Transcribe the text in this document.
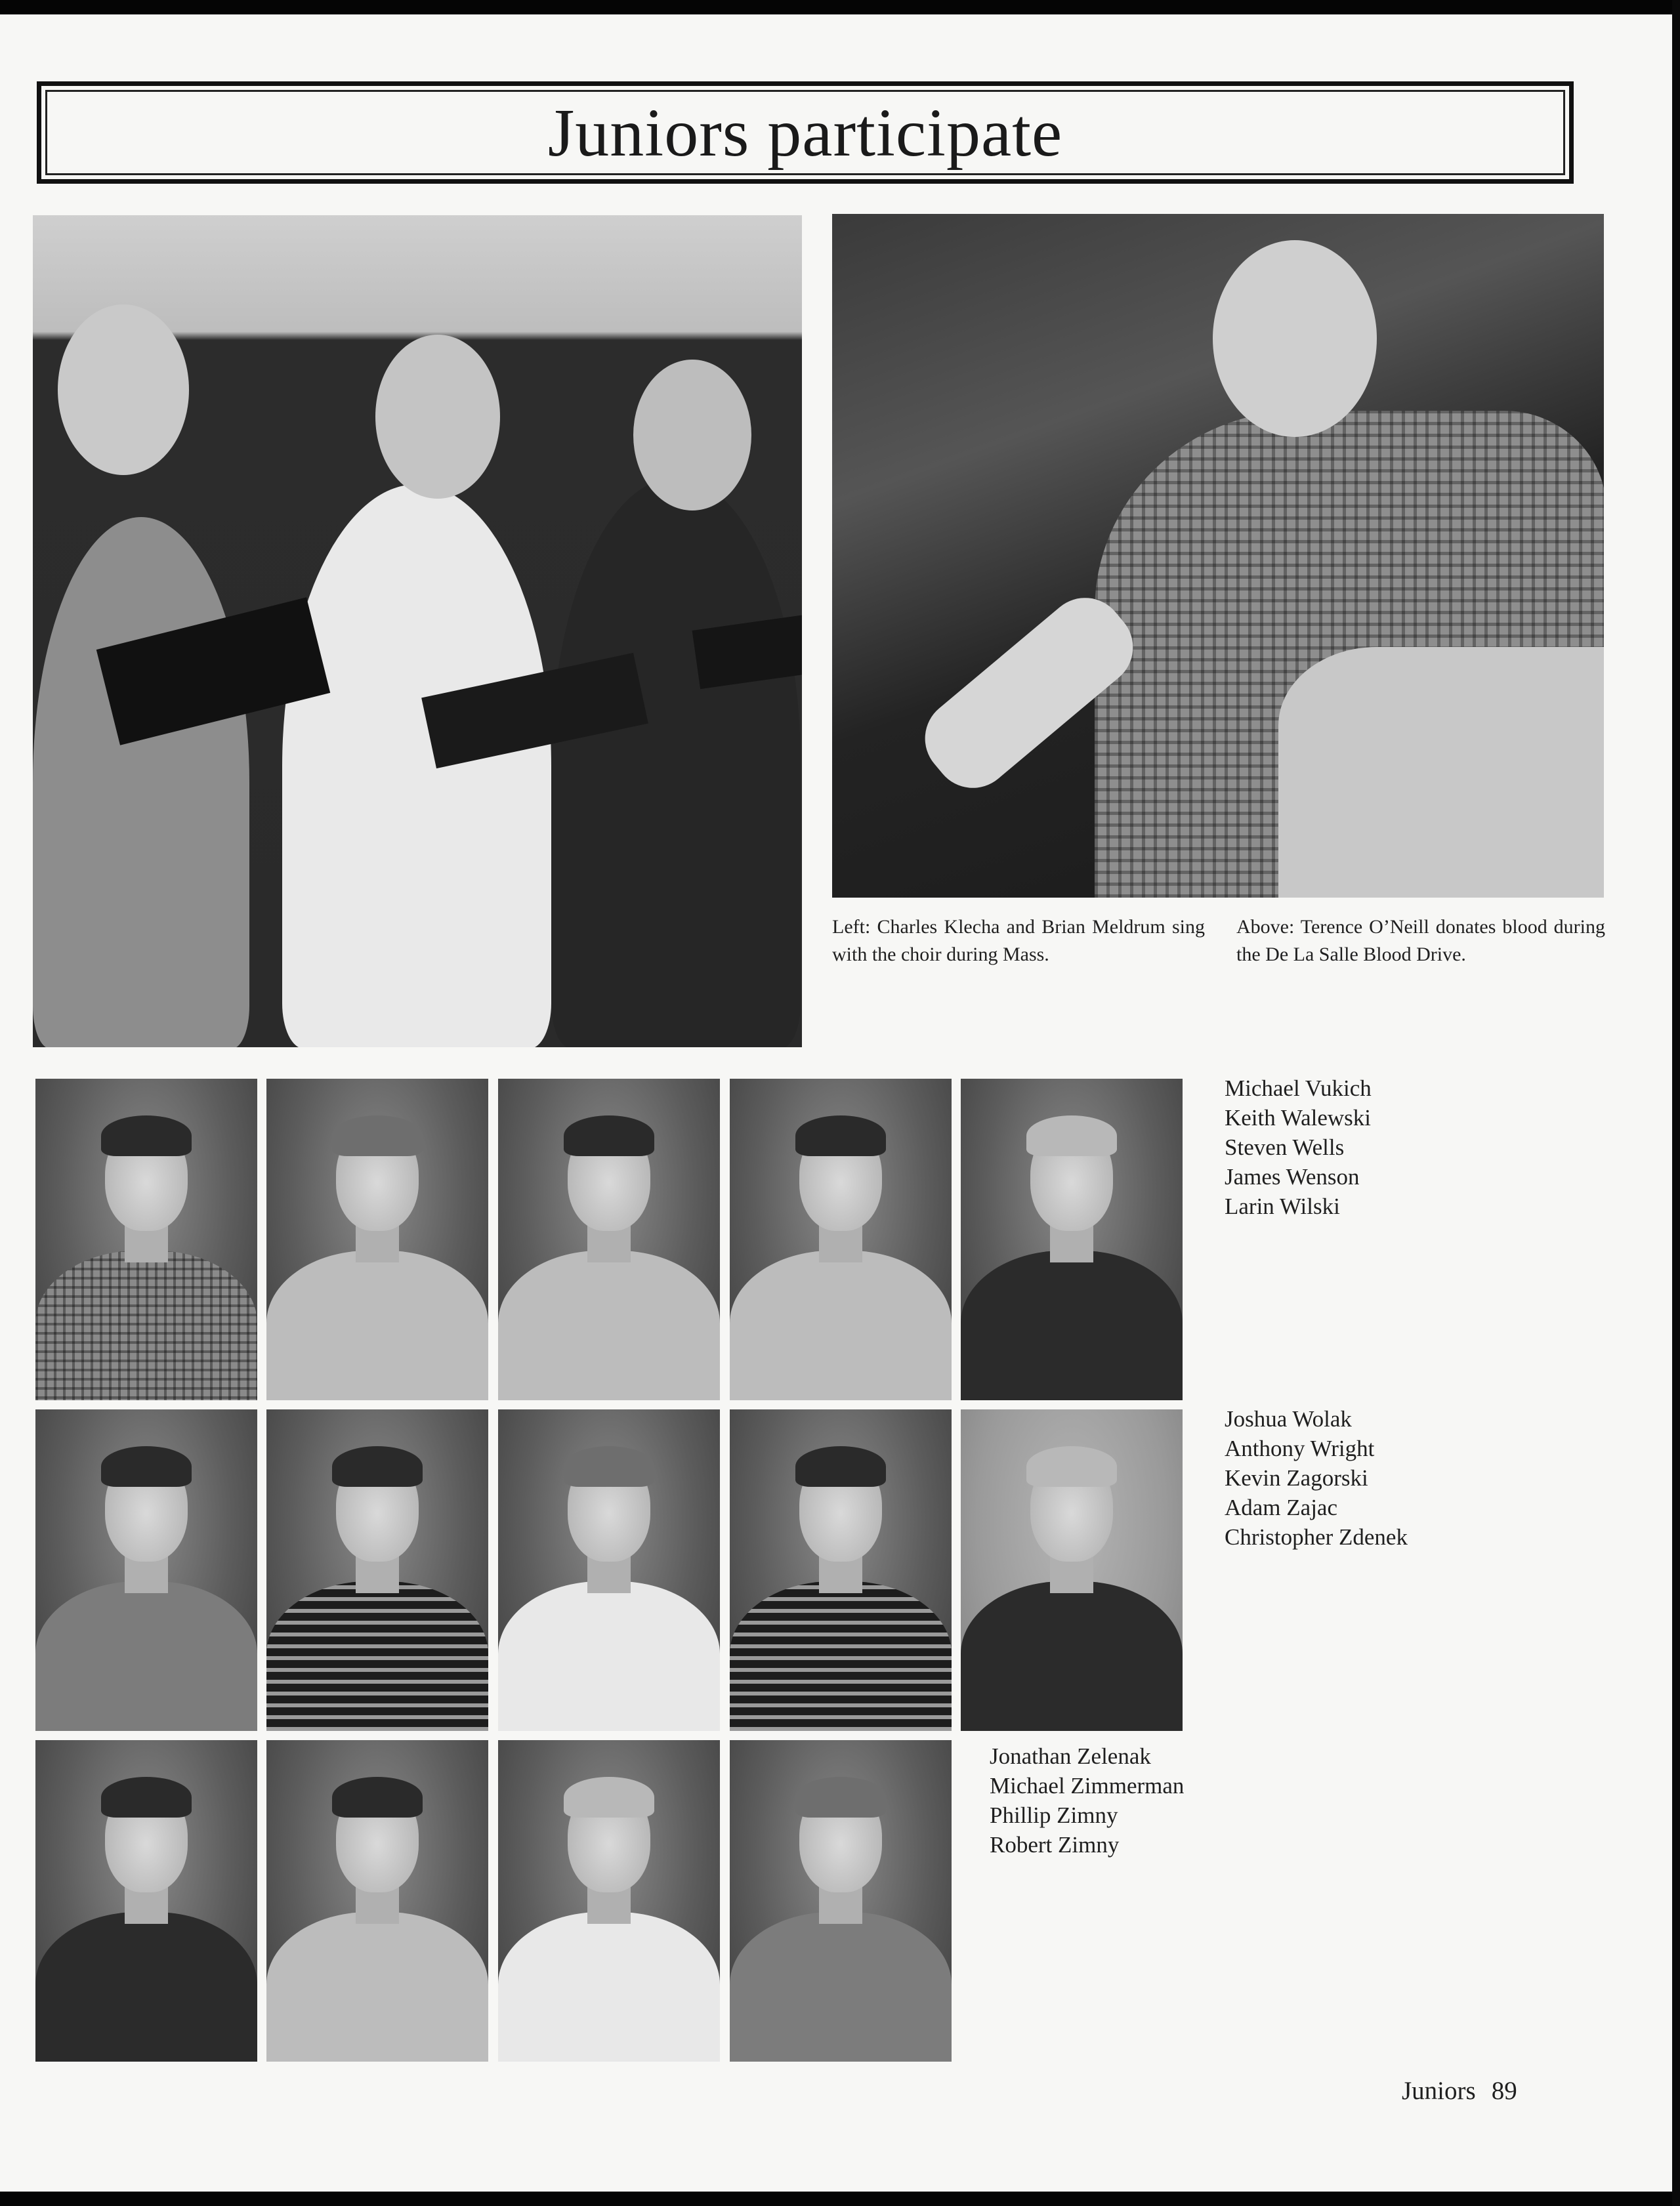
Juniors participate
Left: Charles Klecha and Brian Meldrum sing with the choir during Mass.
Above: Terence O’Neill donates blood during the De La Salle Blood Drive.
Michael Vukich
Keith Walewski
Steven Wells
James Wenson
Larin Wilski
Joshua Wolak
Anthony Wright
Kevin Zagorski
Adam Zajac
Christopher Zdenek
Jonathan Zelenak
Michael Zimmerman
Phillip Zimny
Robert Zimny
Juniors 89
